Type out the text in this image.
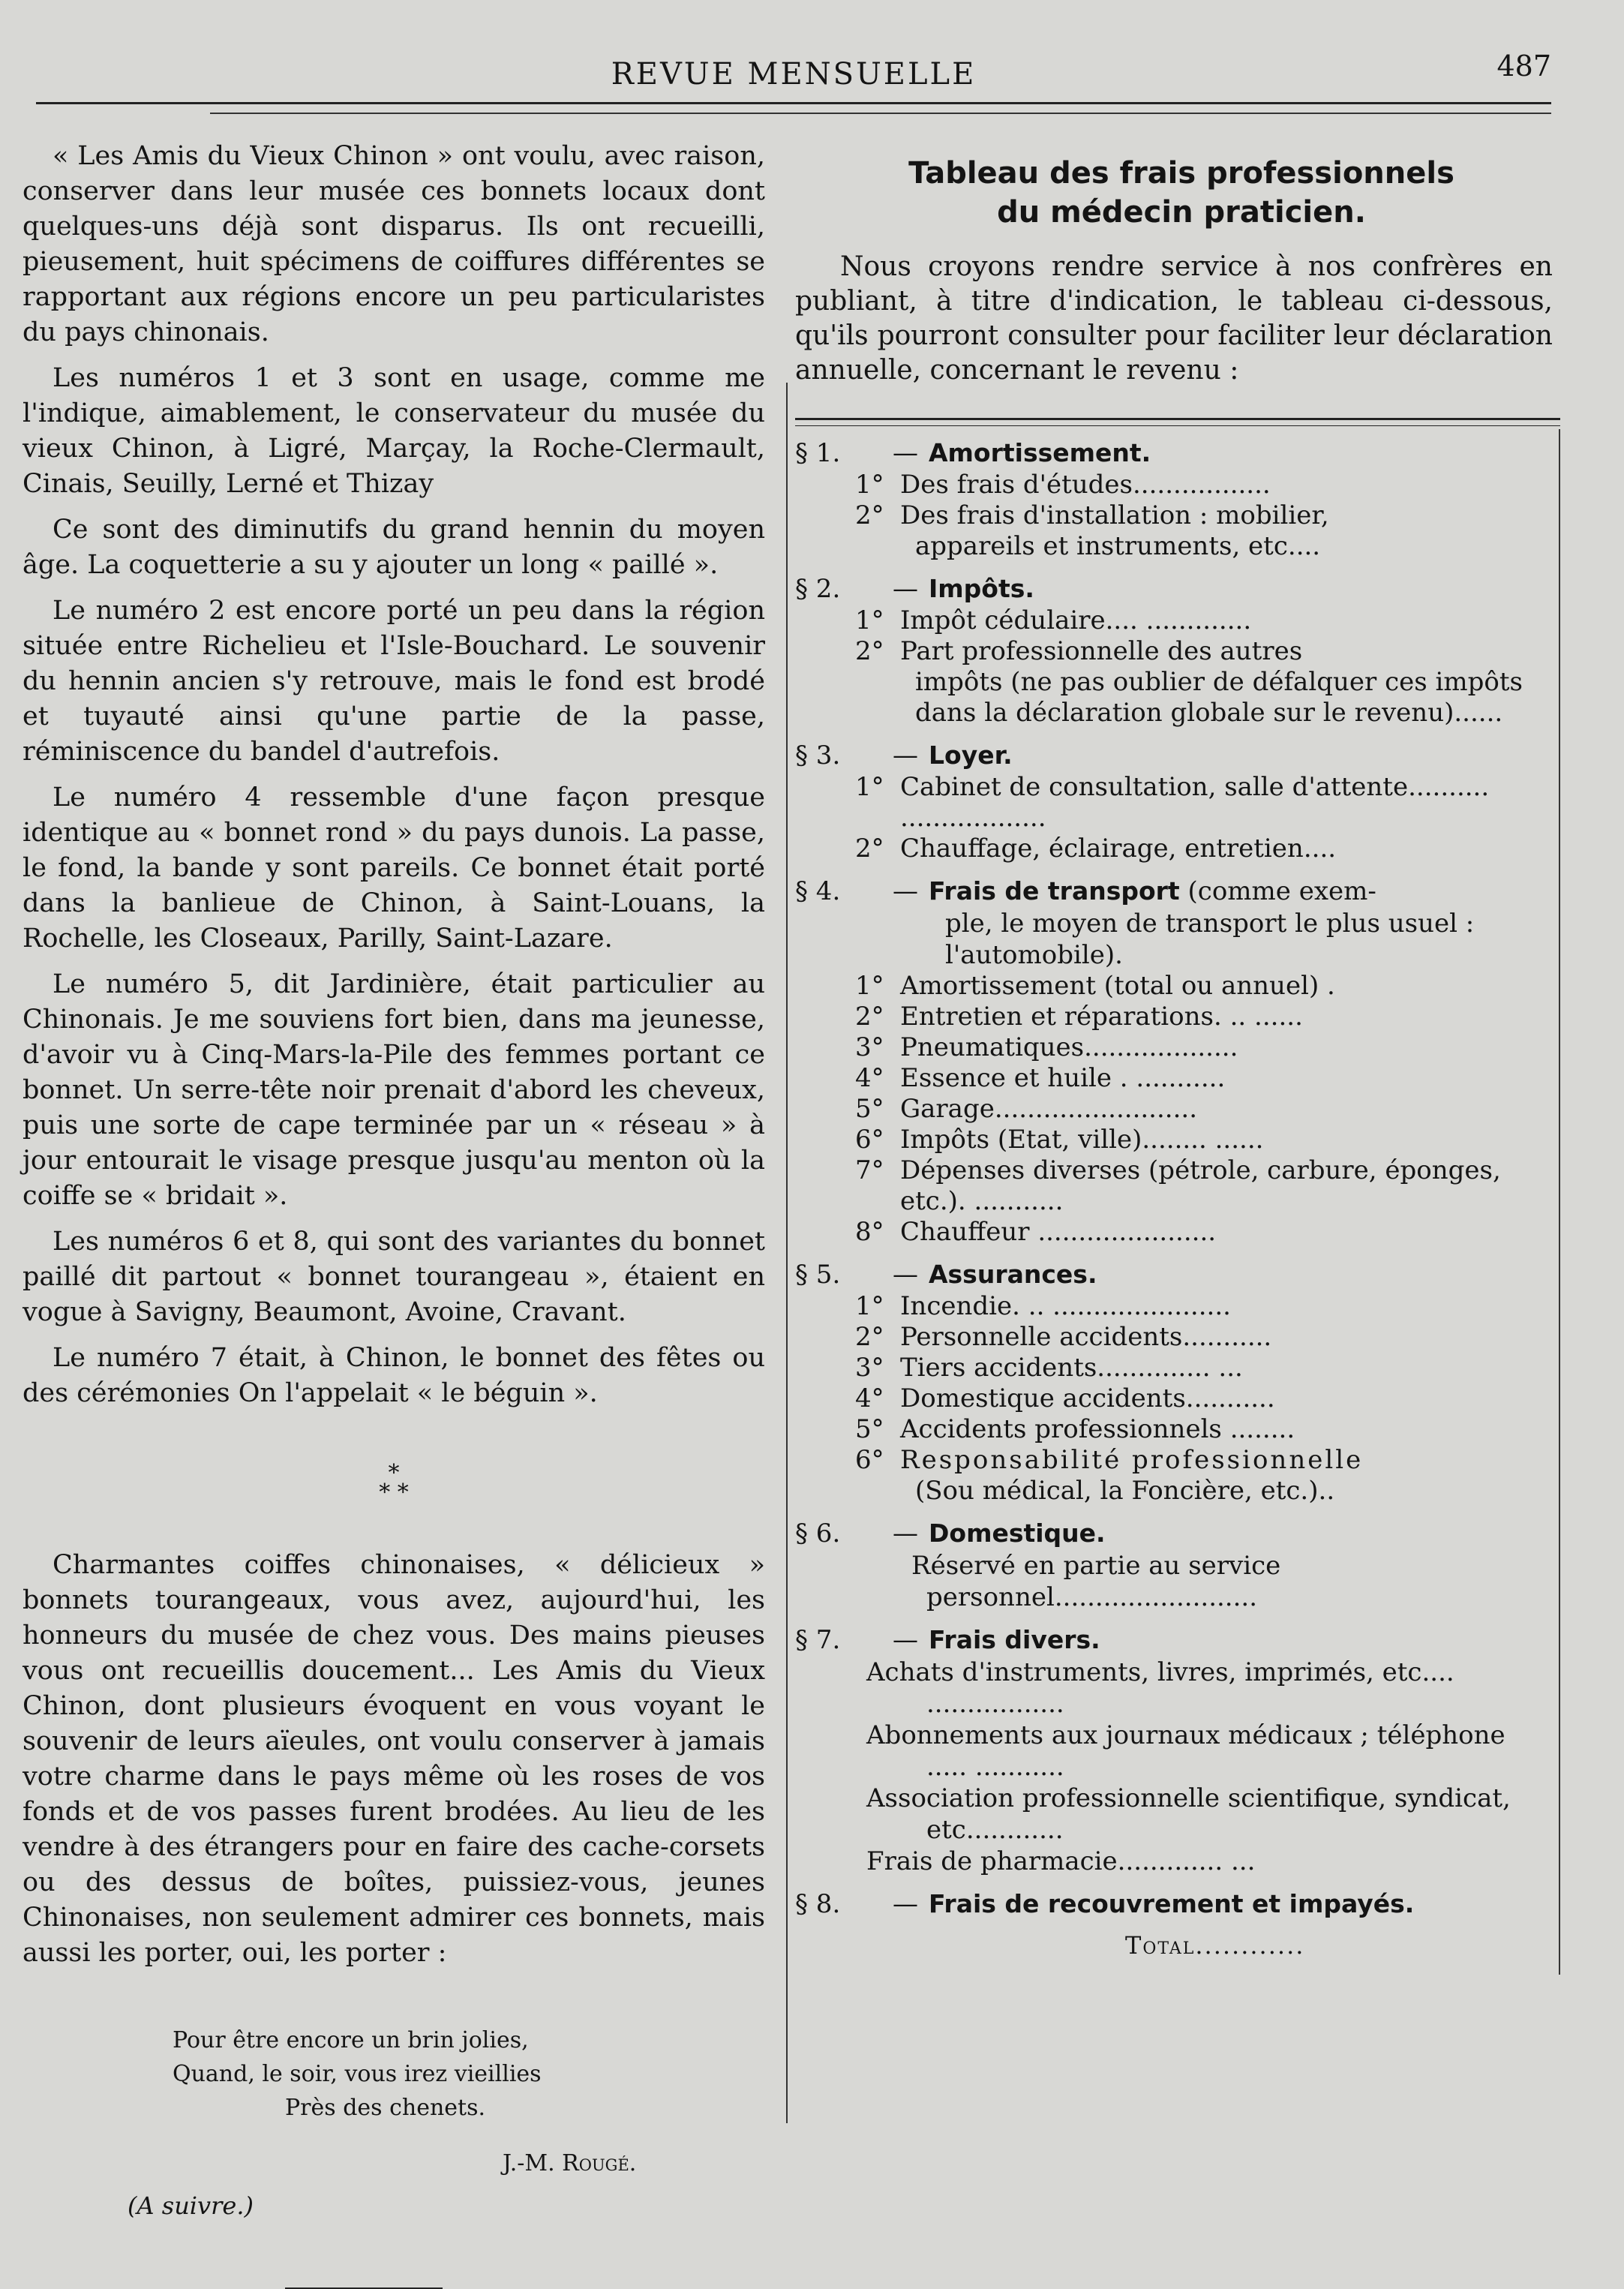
REVUE MENSUELLE	487

« Les Amis du Vieux Chinon » ont voulu, avec raison, conserver dans leur musée ces bonnets locaux dont quelques-uns déjà sont disparus. Ils ont recueilli, pieusement, huit spécimens de coiffures différentes se rapportant aux régions encore un peu particularistes du pays chinonais.

Les numéros 1 et 3 sont en usage, comme me l'indique, aimablement, le conservateur du musée du vieux Chinon, à Ligré, Marçay, la Roche-Clermault, Cinais, Seuilly, Lerné et Thizay

Ce sont des diminutifs du grand hennin du moyen âge. La coquetterie a su y ajouter un long « paillé ».

Le numéro 2 est encore porté un peu dans la région située entre Richelieu et l'Isle-Bouchard. Le souvenir du hennin ancien s'y retrouve, mais le fond est brodé et tuyauté ainsi qu'une partie de la passe, réminiscence du bandel d'autrefois.

Le numéro 4 ressemble d'une façon presque identique au « bonnet rond » du pays dunois. La passe, le fond, la bande y sont pareils. Ce bonnet était porté dans la banlieue de Chinon, à Saint-Louans, la Rochelle, les Closeaux, Parilly, Saint-Lazare.

Le numéro 5, dit Jardinière, était particulier au Chinonais. Je me souviens fort bien, dans ma jeunesse, d'avoir vu à Cinq-Mars-la-Pile des femmes portant ce bonnet. Un serre-tête noir prenait d'abord les cheveux, puis une sorte de cape terminée par un « réseau » à jour entourait le visage presque jusqu'au menton où la coiffe se « bridait ».

Les numéros 6 et 8, qui sont des variantes du bonnet paillé dit partout « bonnet tourangeau », étaient en vogue à Savigny, Beaumont, Avoine, Cravant.

Le numéro 7 était, à Chinon, le bonnet des fêtes ou des cérémonies On l'appelait « le béguin ».

*
* *

Charmantes coiffes chinonaises, « délicieux » bonnets tourangeaux, vous avez, aujourd'hui, les honneurs du musée de chez vous. Des mains pieuses vous ont recueillis doucement... Les Amis du Vieux Chinon, dont plusieurs évoquent en vous voyant le souvenir de leurs aïeules, ont voulu conserver à jamais votre charme dans le pays même où les roses de vos fonds et de vos passes furent brodées. Au lieu de les vendre à des étrangers pour en faire des cache-corsets ou des dessus de boîtes, puissiez-vous, jeunes Chinonaises, non seulement admirer ces bonnets, mais aussi les porter, oui, les porter :

Pour être encore un brin jolies,
Quand, le soir, vous irez vieillies
Près des chenets.
J.-M. Rougé.
(A suivre.)
Tableau des frais professionnels
du médecin praticien.
Nous croyons rendre service à nos confrères en publiant, à titre d'indication, le tableau ci-dessous, qu'ils pourront consulter pour faciliter leur déclaration annuelle, concernant le revenu :
§ 1. — Amortissement.
1° Des frais d'études.................
2° Des frais d'installation : mobilier,
appareils et instruments, etc....
§ 2. — Impôts.
1° Impôt cédulaire.... .............
2° Part professionnelle des autres
impôts (ne pas oublier de défalquer ces impôts dans la déclaration globale sur le revenu)......
§ 3. — Loyer.
1° Cabinet de consultation, salle d'attente.......... ..................
2° Chauffage, éclairage, entretien....
§ 4. — Frais de transport (comme exem-
ple, le moyen de transport le plus usuel : l'automobile).
1° Amortissement (total ou annuel) .
2° Entretien et réparations. .. ......
3° Pneumatiques...................
4° Essence et huile . ...........
5° Garage.........................
6° Impôts (Etat, ville)........ ......
7° Dépenses diverses (pétrole, carbure, éponges, etc.). ...........
8° Chauffeur ......................
§ 5. — Assurances.
1° Incendie. .. ......................
2° Personnelle accidents...........
3° Tiers accidents.............. ...
4° Domestique accidents...........
5° Accidents professionnels ........
6° Responsabilité professionnelle
(Sou médical, la Foncière, etc.)..
§ 6. — Domestique.
Réservé en partie au service personnel.........................
§ 7. — Frais divers.
Achats d'instruments, livres, imprimés, etc.... .................
Abonnements aux journaux médicaux ; téléphone ..... ...........
Association professionnelle scientifique, syndicat, etc............
Frais de pharmacie............. ...
§ 8. — Frais de recouvrement et impayés.
Total............
